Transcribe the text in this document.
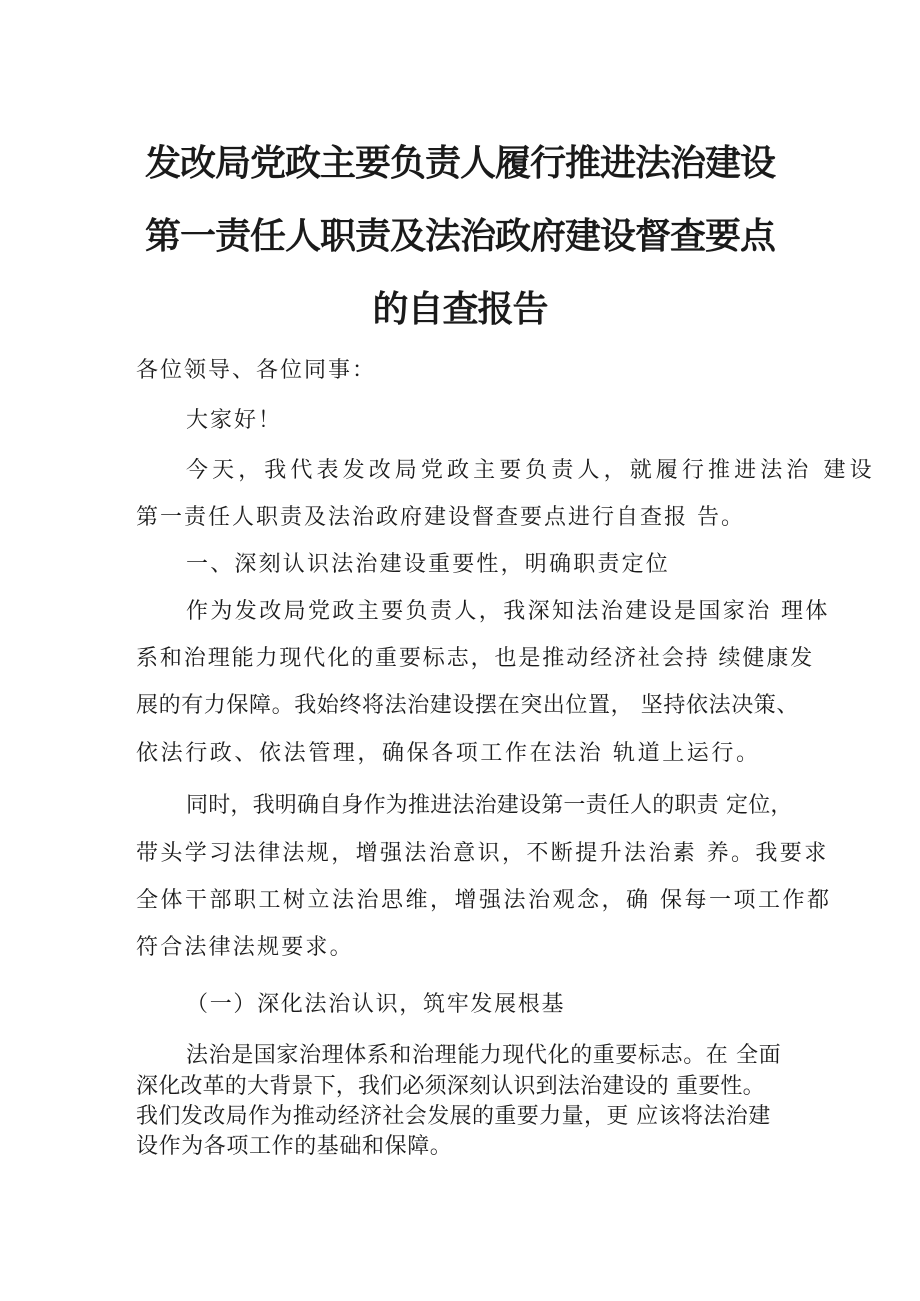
发改局党政主要负责人履行推进法治建设
第一责任人职责及法治政府建设督查要点
的自查报告
各位领导、各位同事：
大家好！
今天，我代表发改局党政主要负责人，就履行推进法治 建设
第一责任人职责及法治政府建设督查要点进行自查报 告。
一、深刻认识法治建设重要性，明确职责定位
作为发改局党政主要负责人，我深知法治建设是国家治 理体
系和治理能力现代化的重要标志，也是推动经济社会持 续健康发
展的有力保障。我始终将法治建设摆在突出位置， 坚持依法决策、
依法行政、依法管理，确保各项工作在法治 轨道上运行。
同时，我明确自身作为推进法治建设第一责任人的职责 定位，
带头学习法律法规，增强法治意识，不断提升法治素 养。我要求
全体干部职工树立法治思维，增强法治观念，确 保每一项工作都
符合法律法规要求。
（一）深化法治认识，筑牢发展根基
法治是国家治理体系和治理能力现代化的重要标志。在 全面
深化改革的大背景下，我们必须深刻认识到法治建设的 重要性。
我们发改局作为推动经济社会发展的重要力量，更 应该将法治建
设作为各项工作的基础和保障。
